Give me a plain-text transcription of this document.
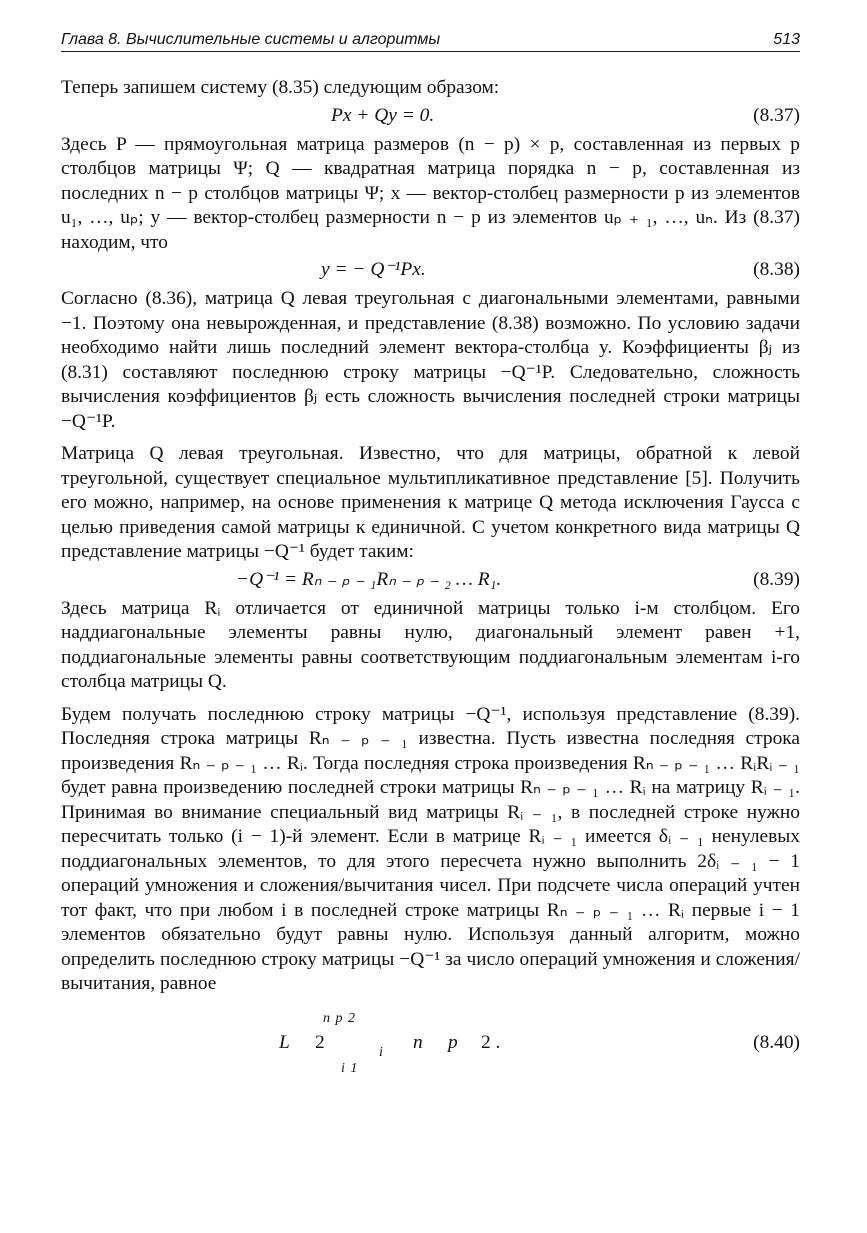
Глава 8. Вычислительные системы и алгоритмы	513

Теперь запишем систему (8.35) следующим образом:

Px + Qy = 0.	(8.37)

Здесь P — прямоугольная матрица размеров (n − p) × p, составленная из первых p столбцов матрицы Ψ; Q — квадратная матрица порядка n − p, составленная из последних n − p столбцов матрицы Ψ; x — вектор-столбец размерности p из элементов u₁, …, uₚ; y — вектор-столбец размерности n − p из элементов uₚ ₊ ₁, …, uₙ. Из (8.37) находим, что

y = − Q⁻¹Px.	(8.38)

Согласно (8.36), матрица Q левая треугольная с диагональными элементами, равными −1. Поэтому она невырожденная, и представление (8.38) возможно. По условию задачи необходимо найти лишь последний элемент вектора-столбца y. Коэффициенты βⱼ из (8.31) составляют последнюю строку матрицы −Q⁻¹P. Следовательно, сложность вычисления коэффициентов βⱼ есть сложность вычисления последней строки матрицы −Q⁻¹P.

Матрица Q левая треугольная. Известно, что для матрицы, обратной к левой треугольной, существует специальное мультипликативное представление [5]. Получить его можно, например, на основе применения к матрице Q метода исключения Гаусса с целью приведения самой матрицы к единичной. С учетом конкретного вида матрицы Q представление матрицы −Q⁻¹ будет таким:

−Q⁻¹ = Rₙ ₋ ₚ ₋ ₁Rₙ ₋ ₚ ₋ ₂ … R₁.	(8.39)

Здесь матрица Rᵢ отличается от единичной матрицы только i-м столбцом. Его наддиагональные элементы равны нулю, диагональный элемент равен +1, поддиагональные элементы равны соответствующим поддиагональным элементам i-го столбца матрицы Q.

Будем получать последнюю строку матрицы −Q⁻¹, используя представление (8.39). Последняя строка матрицы Rₙ ₋ ₚ ₋ ₁ известна. Пусть известна последняя строка произведения Rₙ ₋ ₚ ₋ ₁ … Rᵢ. Тогда последняя строка произведения Rₙ ₋ ₚ ₋ ₁ … RᵢRᵢ ₋ ₁ будет равна произведению последней строки матрицы Rₙ ₋ ₚ ₋ ₁ … Rᵢ на матрицу Rᵢ ₋ ₁. Принимая во внимание специальный вид матрицы Rᵢ ₋ ₁, в последней строке нужно пересчитать только (i − 1)-й элемент. Если в матрице Rᵢ ₋ ₁ имеется δᵢ ₋ ₁ ненулевых поддиагональных элементов, то для этого пересчета нужно выполнить 2δᵢ ₋ ₁ − 1 операций умножения и сложения/вычитания чисел. При подсчете числа операций учтен тот факт, что при любом i в последней строке матрицы Rₙ ₋ ₚ ₋ ₁ … Rᵢ первые i − 1 элементов обязательно будут равны нулю. Используя данный алгоритм, можно определить последнюю строку матрицы −Q⁻¹ за число операций умножения и сложения/вычитания, равное

n p 2
L 2	i n p 2 .
i 1
(8.40)
